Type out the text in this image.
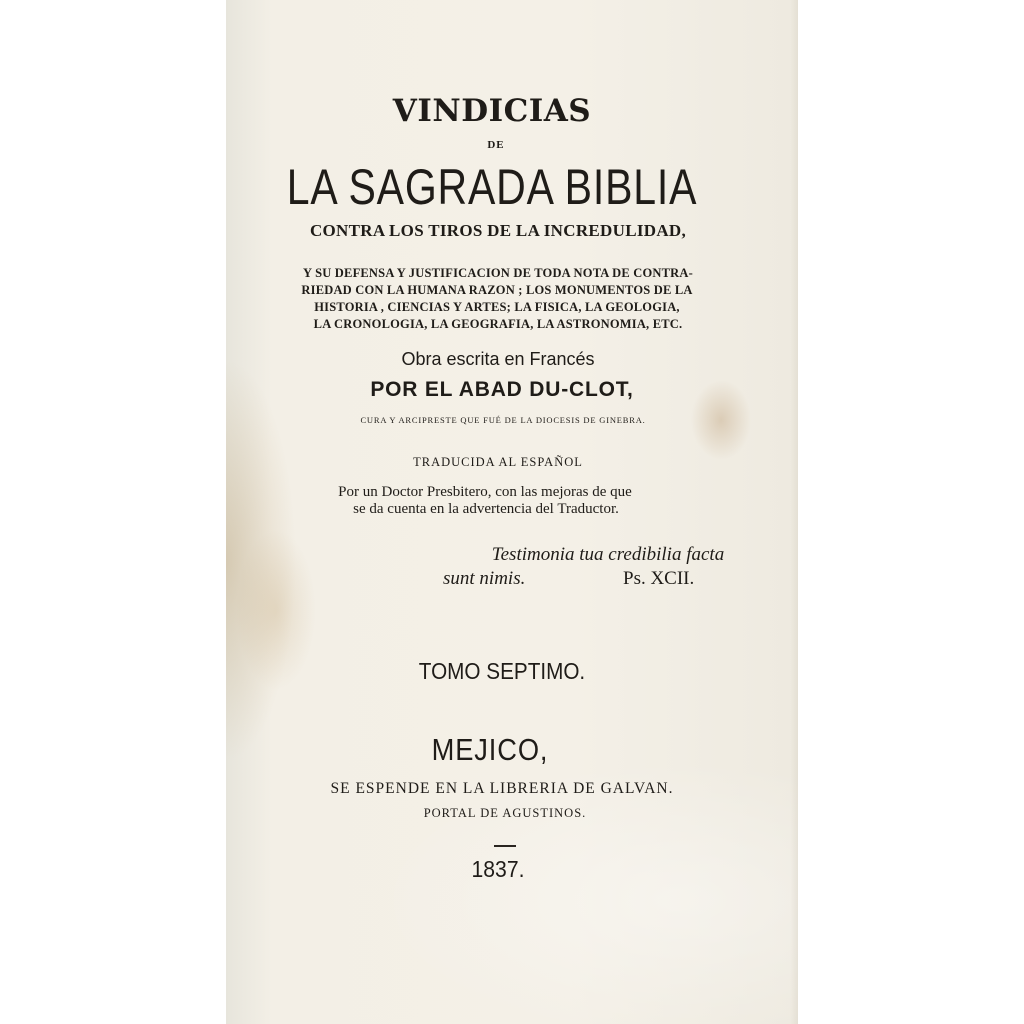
VINDICIAS
DE
LA SAGRADA BIBLIA
CONTRA LOS TIROS DE LA INCREDULIDAD,
Y SU DEFENSA Y JUSTIFICACION DE TODA NOTA DE CONTRA-
RIEDAD CON LA HUMANA RAZON ; LOS MONUMENTOS DE LA
HISTORIA , CIENCIAS Y ARTES; LA FISICA, LA GEOLOGIA,
LA CRONOLOGIA, LA GEOGRAFIA, LA ASTRONOMIA, ETC.
Obra escrita en Francés
POR EL ABAD DU-CLOT,
CURA Y ARCIPRESTE QUE FUÉ DE LA DIOCESIS DE GINEBRA.
TRADUCIDA AL ESPAÑOL
Por un Doctor Presbitero, con las mejoras de que
se da cuenta en la advertencia del Traductor.
Testimonia tua credibilia facta
sunt nimis.	Ps. XCII.
TOMO SEPTIMO.
MEJICO,
SE ESPENDE EN LA LIBRERIA DE GALVAN.
PORTAL DE AGUSTINOS.
1837.
